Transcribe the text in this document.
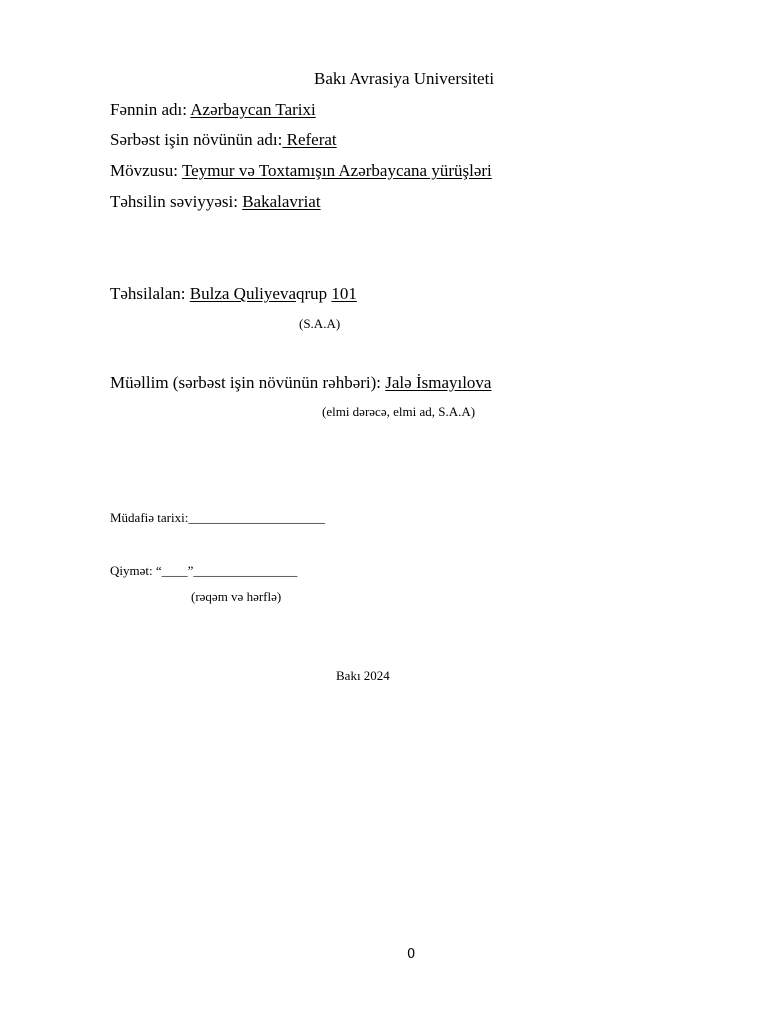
Bakı Avrasiya Universiteti
Fənnin adı: Azərbaycan Tarixi
Sərbəst işin növünün adı: Referat
Mövzusu: Teymur və Toxtamışın Azərbaycana yürüşləri
Təhsilin səviyyəsi: Bakalavriat
Təhsilalan: Bulza Quliyevaqrup 101
(S.A.A)
Müəllim (sərbəst işin növünün rəhbəri): Jalə İsmayılova
(elmi dərəcə, elmi ad, S.A.A)
Müdafiə tarixi:_____________________
Qiymət: “____”________________
(rəqəm və hərflə)
Bakı 2024
0
